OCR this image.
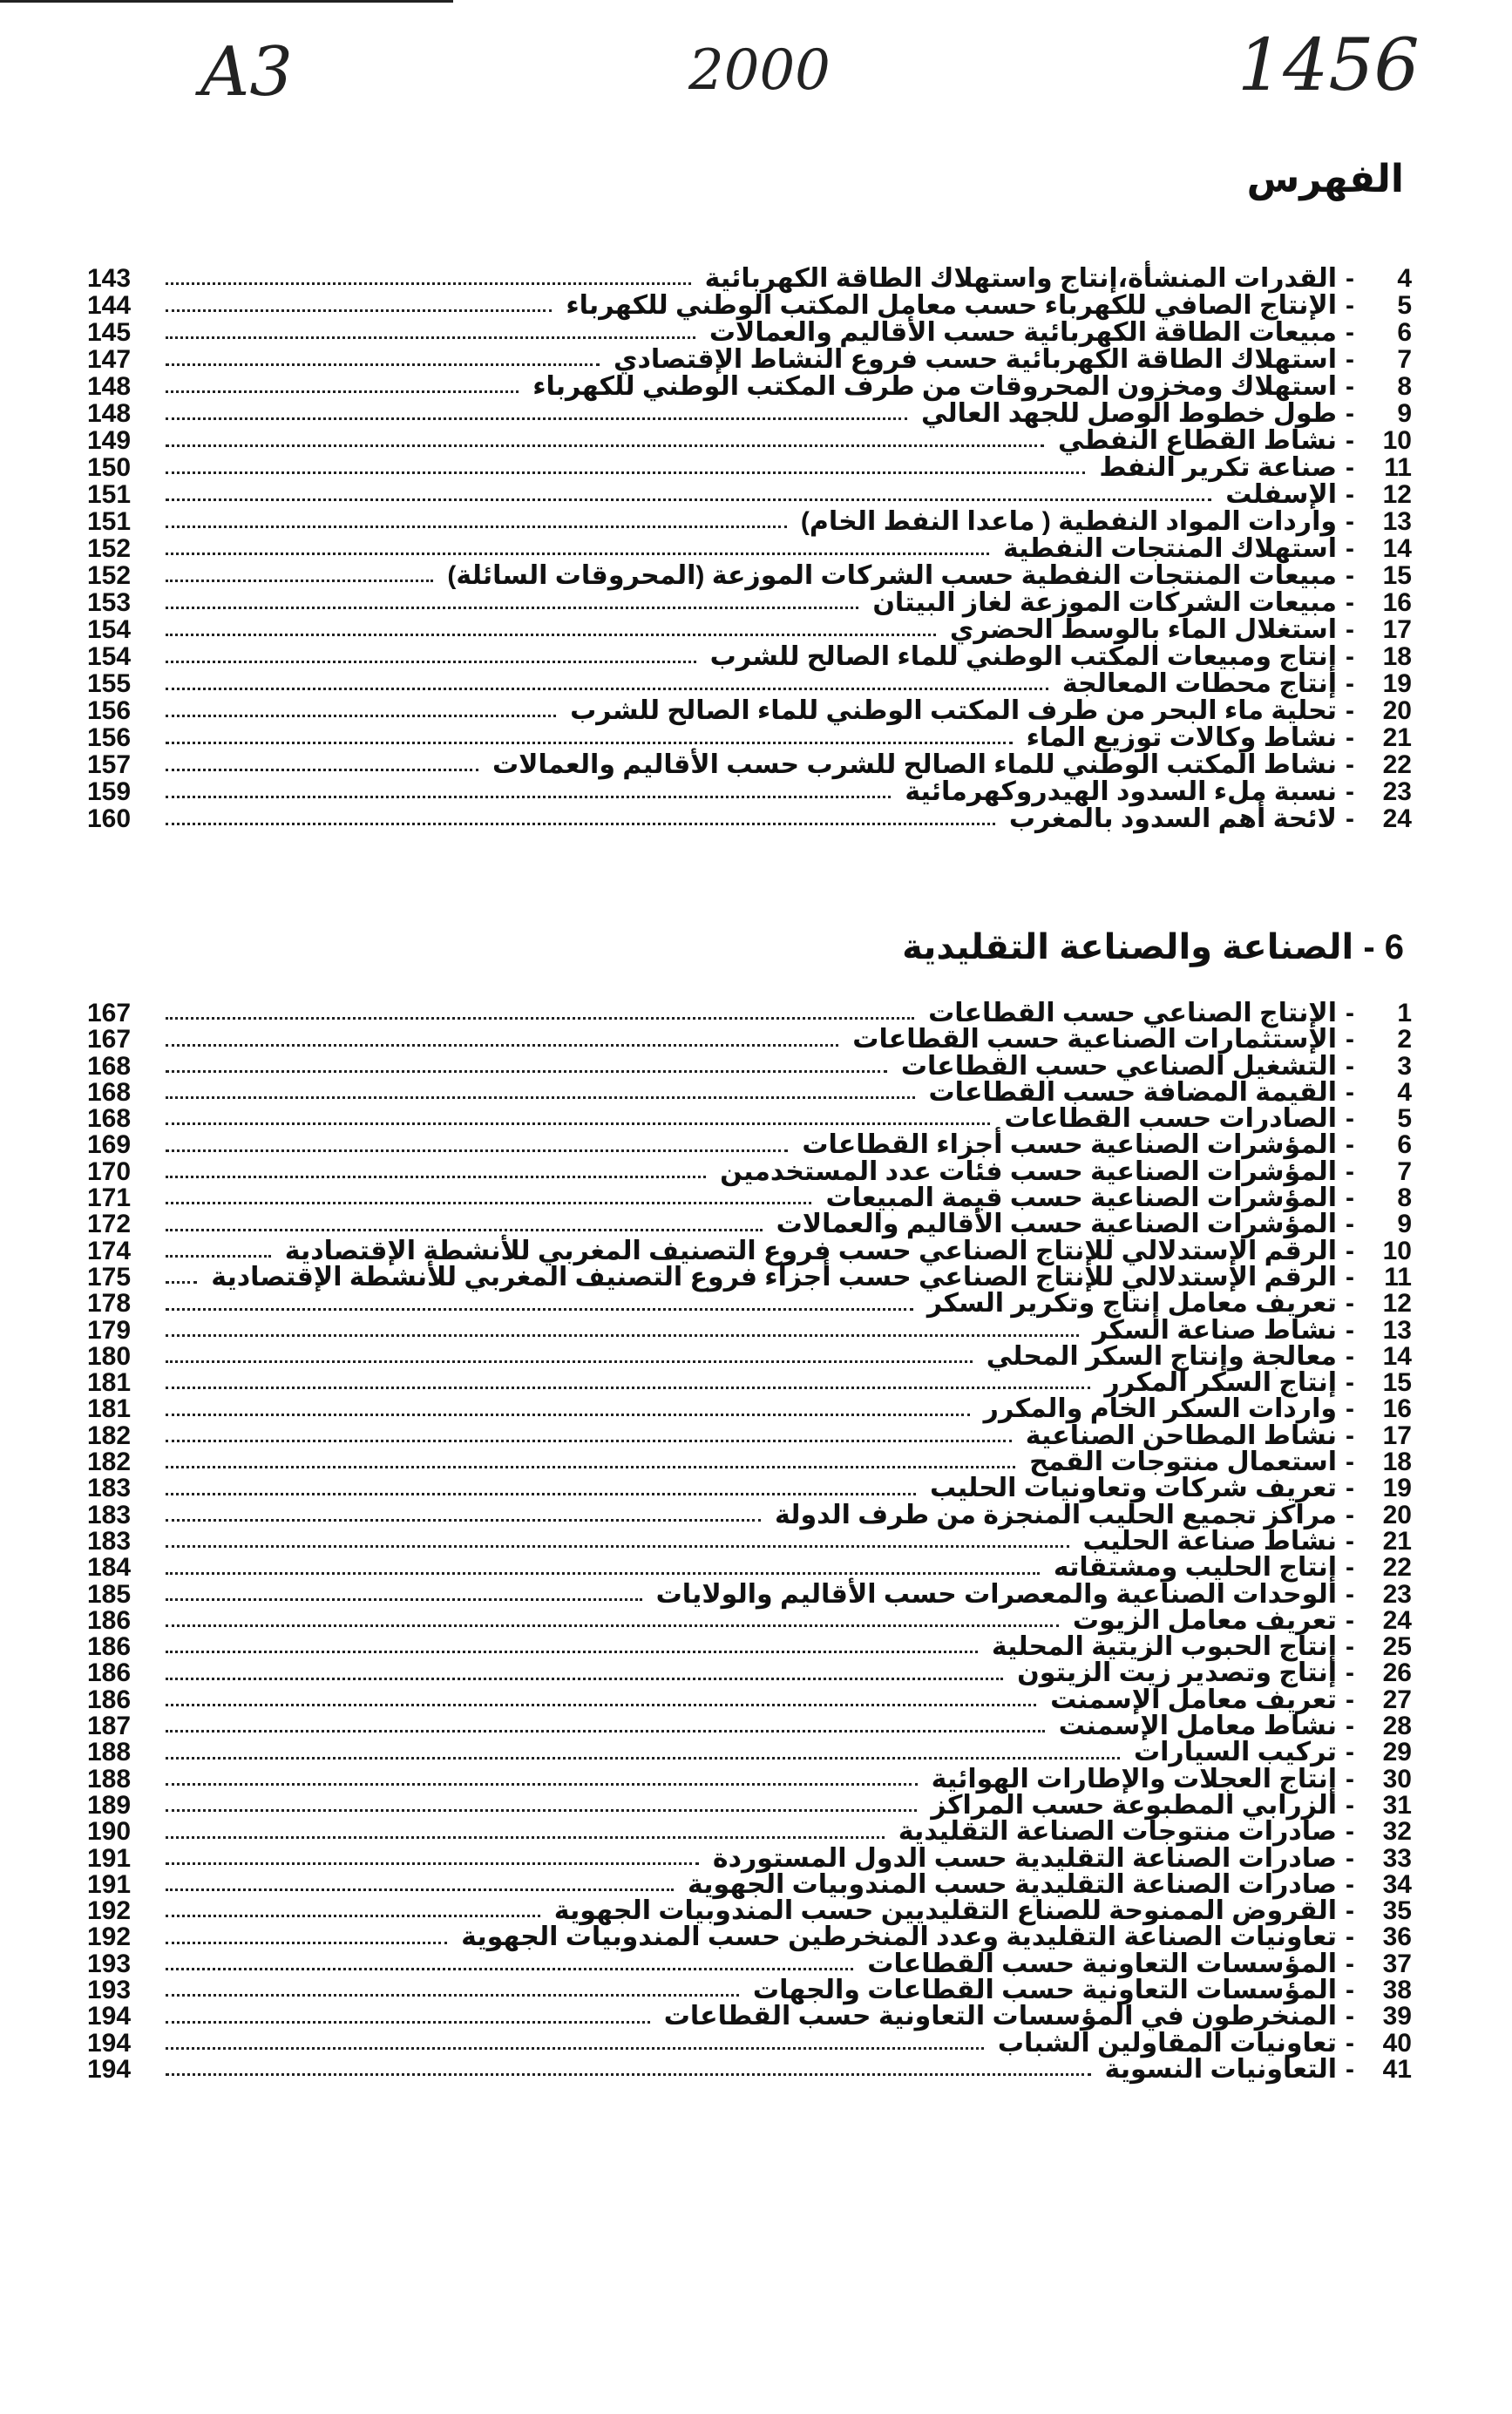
A3	2000	1456
الفهرس
4
-
القدرات المنشأة،إنتاج واستهلاك الطاقة الكهربائية
143
5
-
الإنتاج الصافي للكهرباء حسب معامل المكتب الوطني للكهرباء
144
6
-
مبيعات الطاقة الكهربائية حسب الأقاليم والعمالات
145
7
-
استهلاك الطاقة الكهربائية حسب فروع النشاط الإقتصادي
147
8
-
استهلاك ومخزون المحروقات من طرف المكتب الوطني للكهرباء
148
9
-
طول خطوط الوصل للجهد العالي
148
10
-
نشاط القطاع النفطي
149
11
-
صناعة تكرير النفط
150
12
-
الإسفلت
151
13
-
واردات المواد النفطية ( ماعدا النفط الخام)
151
14
-
استهلاك المنتجات النفطية
152
15
-
مبيعات المنتجات النفطية حسب الشركات الموزعة (المحروقات السائلة)
152
16
-
مبيعات الشركات الموزعة لغاز البيتان
153
17
-
استغلال الماء بالوسط الحضري
154
18
-
إنتاج ومبيعات المكتب الوطني للماء الصالح للشرب
154
19
-
إنتاج محطات المعالجة
155
20
-
تحلية ماء البحر من طرف المكتب الوطني للماء الصالح للشرب
156
21
-
نشاط وكالات توزيع الماء
156
22
-
نشاط المكتب الوطني للماء الصالح للشرب حسب الأقاليم والعمالات
157
23
-
نسبة ملء السدود الهيدروكهرمائية
159
24
-
لائحة أهم السدود بالمغرب
160
6 - الصناعة والصناعة التقليدية
1
-
الإنتاج الصناعي حسب القطاعات
167
2
-
الإستثمارات الصناعية حسب القطاعات
167
3
-
التشغيل الصناعي حسب القطاعات
168
4
-
القيمة المضافة حسب القطاعات
168
5
-
الصادرات حسب القطاعات
168
6
-
المؤشرات الصناعية حسب أجزاء القطاعات
169
7
-
المؤشرات الصناعية حسب فئات عدد المستخدمين
170
8
-
المؤشرات الصناعية حسب قيمة المبيعات
171
9
-
المؤشرات الصناعية حسب الأقاليم والعمالات
172
10
-
الرقم الإستدلالي للإنتاج الصناعي حسب فروع التصنيف المغربي للأنشطة الإقتصادية
174
11
-
الرقم الإستدلالي للإنتاج الصناعي حسب أجزاء فروع التصنيف المغربي للأنشطة الإقتصادية
175
12
-
تعريف معامل إنتاج وتكرير السكر
178
13
-
نشاط صناعة السكر
179
14
-
معالجة وإنتاج السكر المحلي
180
15
-
إنتاج السكر المكرر
181
16
-
واردات السكر الخام والمكرر
181
17
-
نشاط المطاحن الصناعية
182
18
-
استعمال منتوجات القمح
182
19
-
تعريف شركات وتعاونيات الحليب
183
20
-
مراكز تجميع الحليب المنجزة من طرف الدولة
183
21
-
نشاط صناعة الحليب
183
22
-
إنتاج الحليب ومشتقاته
184
23
-
الوحدات الصناعية والمعصرات حسب الأقاليم والولايات
185
24
-
تعريف معامل الزيوت
186
25
-
إنتاج الحبوب الزيتية المحلية
186
26
-
إنتاج وتصدير زيت الزيتون
186
27
-
تعريف معامل الإسمنت
186
28
-
نشاط معامل الإسمنت
187
29
-
تركيب السيارات
188
30
-
إنتاج العجلات والإطارات الهوائية
188
31
-
الزرابي المطبوعة حسب المراكز
189
32
-
صادرات منتوجات الصناعة التقليدية
190
33
-
صادرات الصناعة التقليدية حسب الدول المستوردة
191
34
-
صادرات الصناعة التقليدية حسب المندوبيات الجهوية
191
35
-
القروض الممنوحة للصناع التقليديين حسب المندوبيات الجهوية
192
36
-
تعاونيات الصناعة التقليدية وعدد المنخرطين حسب المندوبيات الجهوية
192
37
-
المؤسسات التعاونية حسب القطاعات
193
38
-
المؤسسات التعاونية حسب القطاعات والجهات
193
39
-
المنخرطون في المؤسسات التعاونية حسب القطاعات
194
40
-
تعاونيات المقاولين الشباب
194
41
-
التعاونيات النسوية
194
